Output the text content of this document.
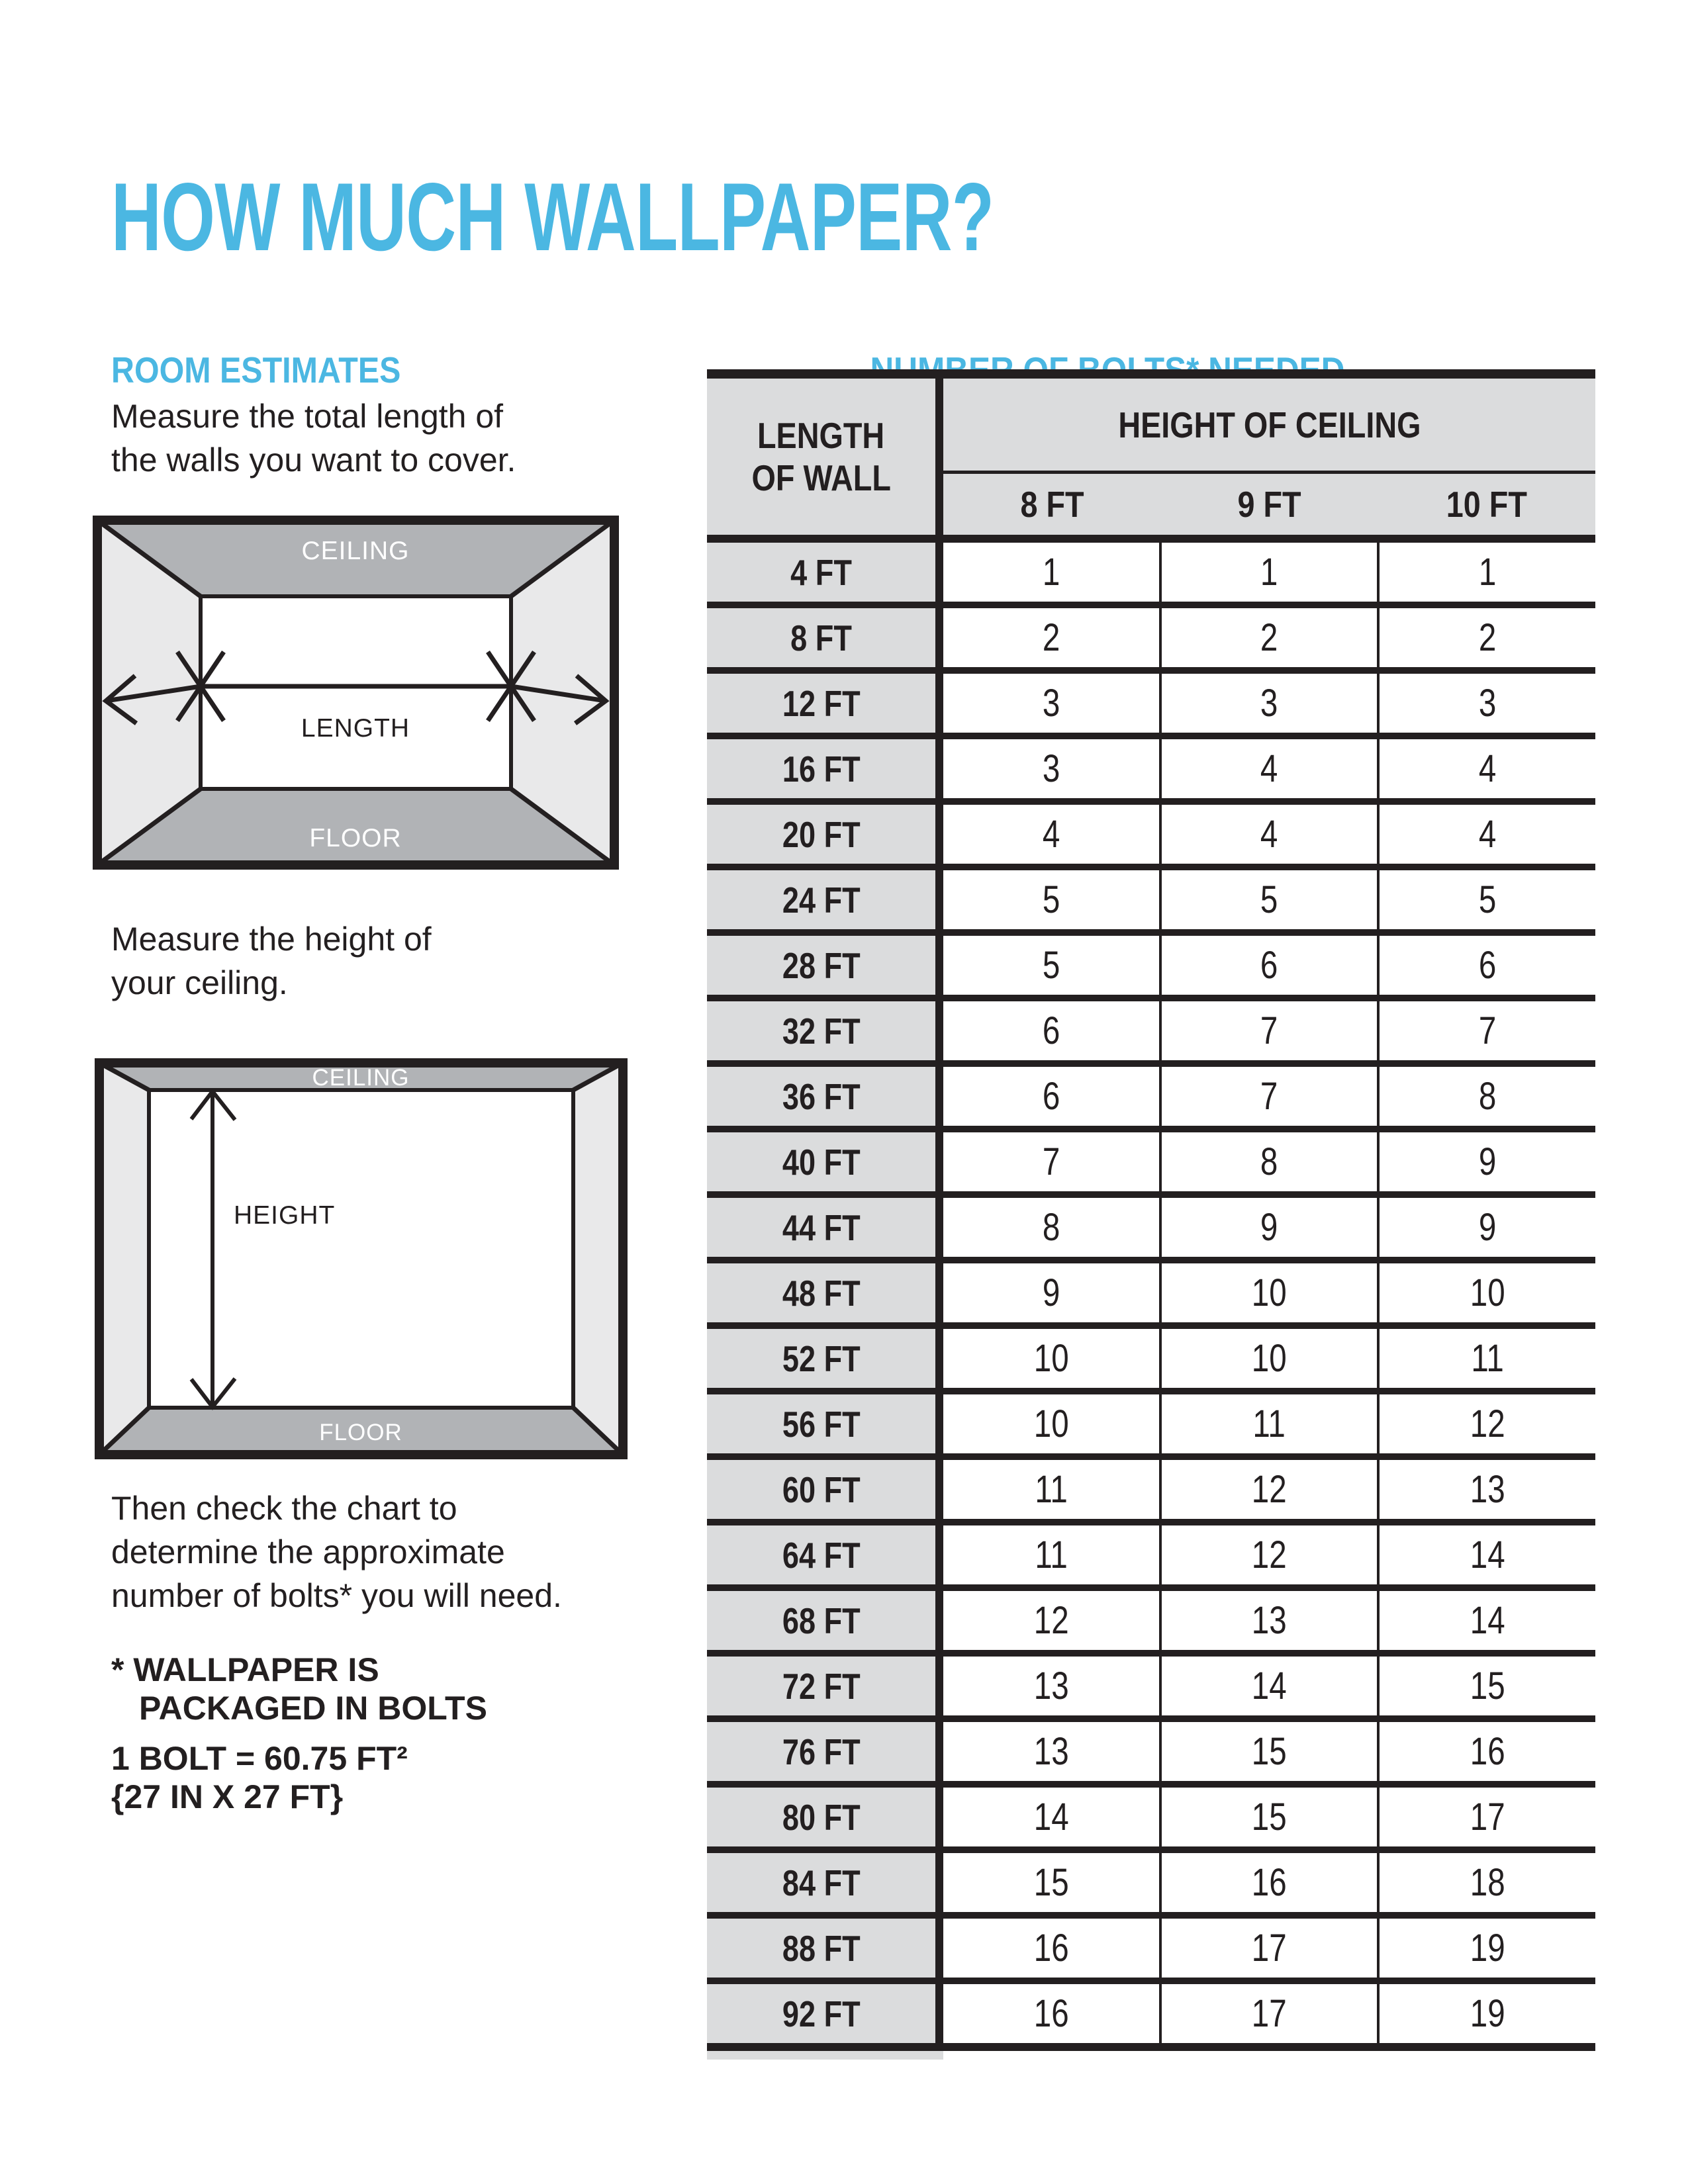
HOW MUCH WALLPAPER?
ROOM ESTIMATES
Measure the total length of
the walls you want to cover.
CEILING
FLOOR
LENGTH
Measure the height of
your ceiling.
CEILING
FLOOR
HEIGHT
Then check the chart to
determine the approximate
number of bolts* you will need.
* WALLPAPER IS
PACKAGED IN BOLTS
1 BOLT = 60.75 FT²
{27 IN X 27 FT}
LENGTH
OF WALL
HEIGHT OF CEILING
8 FT	9 FT	10 FT
4 FT	1	1	1
8 FT	2	2	2
12 FT	3	3	3
16 FT	3	4	4
20 FT	4	4	4
24 FT	5	5	5
28 FT	5	6	6
32 FT	6	7	7
36 FT	6	7	8
40 FT	7	8	9
44 FT	8	9	9
48 FT	9	10	10
52 FT	10	10	11
56 FT	10	11	12
60 FT	11	12	13
64 FT	11	12	14
68 FT	12	13	14
72 FT	13	14	15
76 FT	13	15	16
80 FT	14	15	17
84 FT	15	16	18
88 FT	16	17	19
92 FT	16	17	19
